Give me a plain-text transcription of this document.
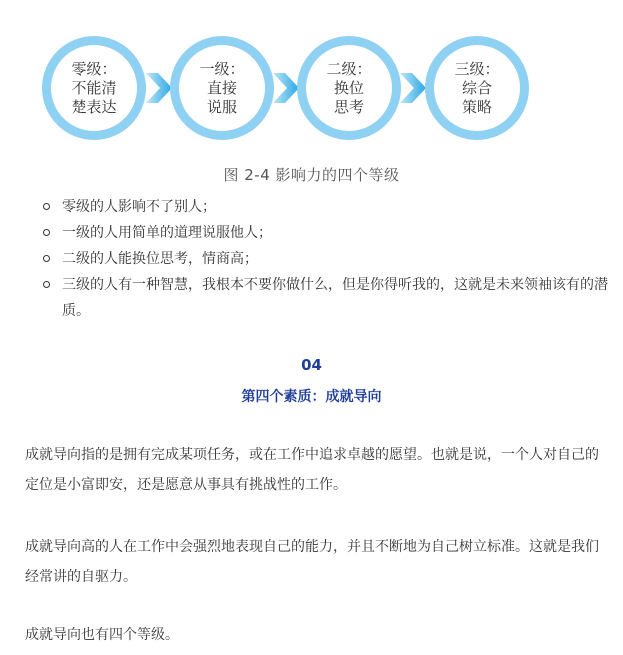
零级：
不能清
楚表达
一级：
直接
说服
二级：
换位
思考
三级：
综合
策略
图 2-4 影响力的四个等级
零级的人影响不了别人；
一级的人用简单的道理说服他人；
二级的人能换位思考，情商高；
三级的人有一种智慧，我根本不要你做什么，但是你得听我的，这就是未来领袖该有的潜质。
04
第四个素质：成就导向

成就导向指的是拥有完成某项任务，或在工作中追求卓越的愿望。也就是说，一个人对自己的定位是小富即安，还是愿意从事具有挑战性的工作。

成就导向高的人在工作中会强烈地表现自己的能力，并且不断地为自己树立标准。这就是我们经常讲的自驱力。

成就导向也有四个等级。
